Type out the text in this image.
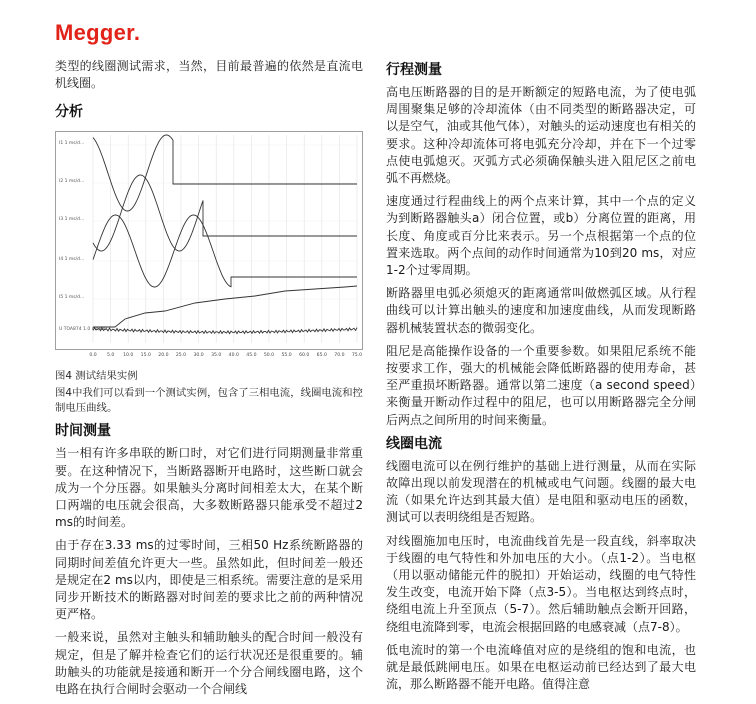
Megger.

类型的线圈测试需求，当然，目前最普遍的依然是直流电机线圈。

分析
I1 1 ms/d...
I2 1 ms/d...
I3 1 ms/d...
I4 1 ms/d...
I5 1 ms/d...
U TOA874 1.0 ms/div
0.0 5.0 10.0 15.0 20.0 25.0 30.0 35.0 40.0 45.0 50.0 55.0 60.0 65.0 70.0 75.0
图4 测试结果实例
图4中我们可以看到一个测试实例，包含了三相电流，线圈电流和控制电压曲线。
时间测量

当一相有许多串联的断口时，对它们进行同期测量非常重要。在这种情况下，当断路器断开电路时，这些断口就会成为一个分压器。如果触头分离时间相差太大，在某个断口两端的电压就会很高，大多数断路器只能承受不超过2 ms的时间差。

由于存在3.33 ms的过零时间，三相50 Hz系统断路器的同期时间差值允许更大一些。虽然如此，但时间差一般还是规定在2 ms以内，即使是三相系统。需要注意的是采用同步开断技术的断路器对时间差的要求比之前的两种情况更严格。

一般来说，虽然对主触头和辅助触头的配合时间一般没有规定，但是了解并检查它们的运行状况还是很重要的。辅助触头的功能就是接通和断开一个分合闸线圈电路，这个电路在执行合闸时会驱动一个合闸线

行程测量

高电压断路器的目的是开断额定的短路电流，为了使电弧周围聚集足够的冷却流体（由不同类型的断路器决定，可以是空气，油或其他气体），对触头的运动速度也有相关的要求。这种冷却流体可将电弧充分冷却，并在下一个过零点使电弧熄灭。灭弧方式必须确保触头进入阻尼区之前电弧不再燃烧。

速度通过行程曲线上的两个点来计算，其中一个点的定义为到断路器触头a）闭合位置，或b）分离位置的距离，用长度、角度或百分比来表示。另一个点根据第一个点的位置来选取。两个点间的动作时间通常为10到20 ms，对应1-2个过零周期。

断路器里电弧必须熄灭的距离通常叫做燃弧区域。从行程曲线可以计算出触头的速度和加速度曲线，从而发现断路器机械装置状态的微弱变化。

阻尼是高能操作设备的一个重要参数。如果阻尼系统不能按要求工作，强大的机械能会降低断路器的使用寿命，甚至严重损坏断路器。通常以第二速度（a second speed）来衡量开断动作过程中的阻尼，也可以用断路器完全分闸后两点之间所用的时间来衡量。

线圈电流

线圈电流可以在例行维护的基础上进行测量，从而在实际故障出现以前发现潜在的机械或电气问题。线圈的最大电流（如果允许达到其最大值）是电阻和驱动电压的函数，测试可以表明绕组是否短路。

对线圈施加电压时，电流曲线首先是一段直线，斜率取决于线圈的电气特性和外加电压的大小。（点1-2）。当电枢（用以驱动储能元件的脱扣）开始运动，线圈的电气特性发生改变，电流开始下降（点3-5）。当电枢达到终点时，绕组电流上升至顶点（5-7）。然后辅助触点会断开回路，绕组电流降到零，电流会根据回路的电感衰减（点7-8）。

低电流时的第一个电流峰值对应的是绕组的饱和电流，也就是最低跳闸电压。如果在电枢运动前已经达到了最大电流，那么断路器不能开电路。值得注意
